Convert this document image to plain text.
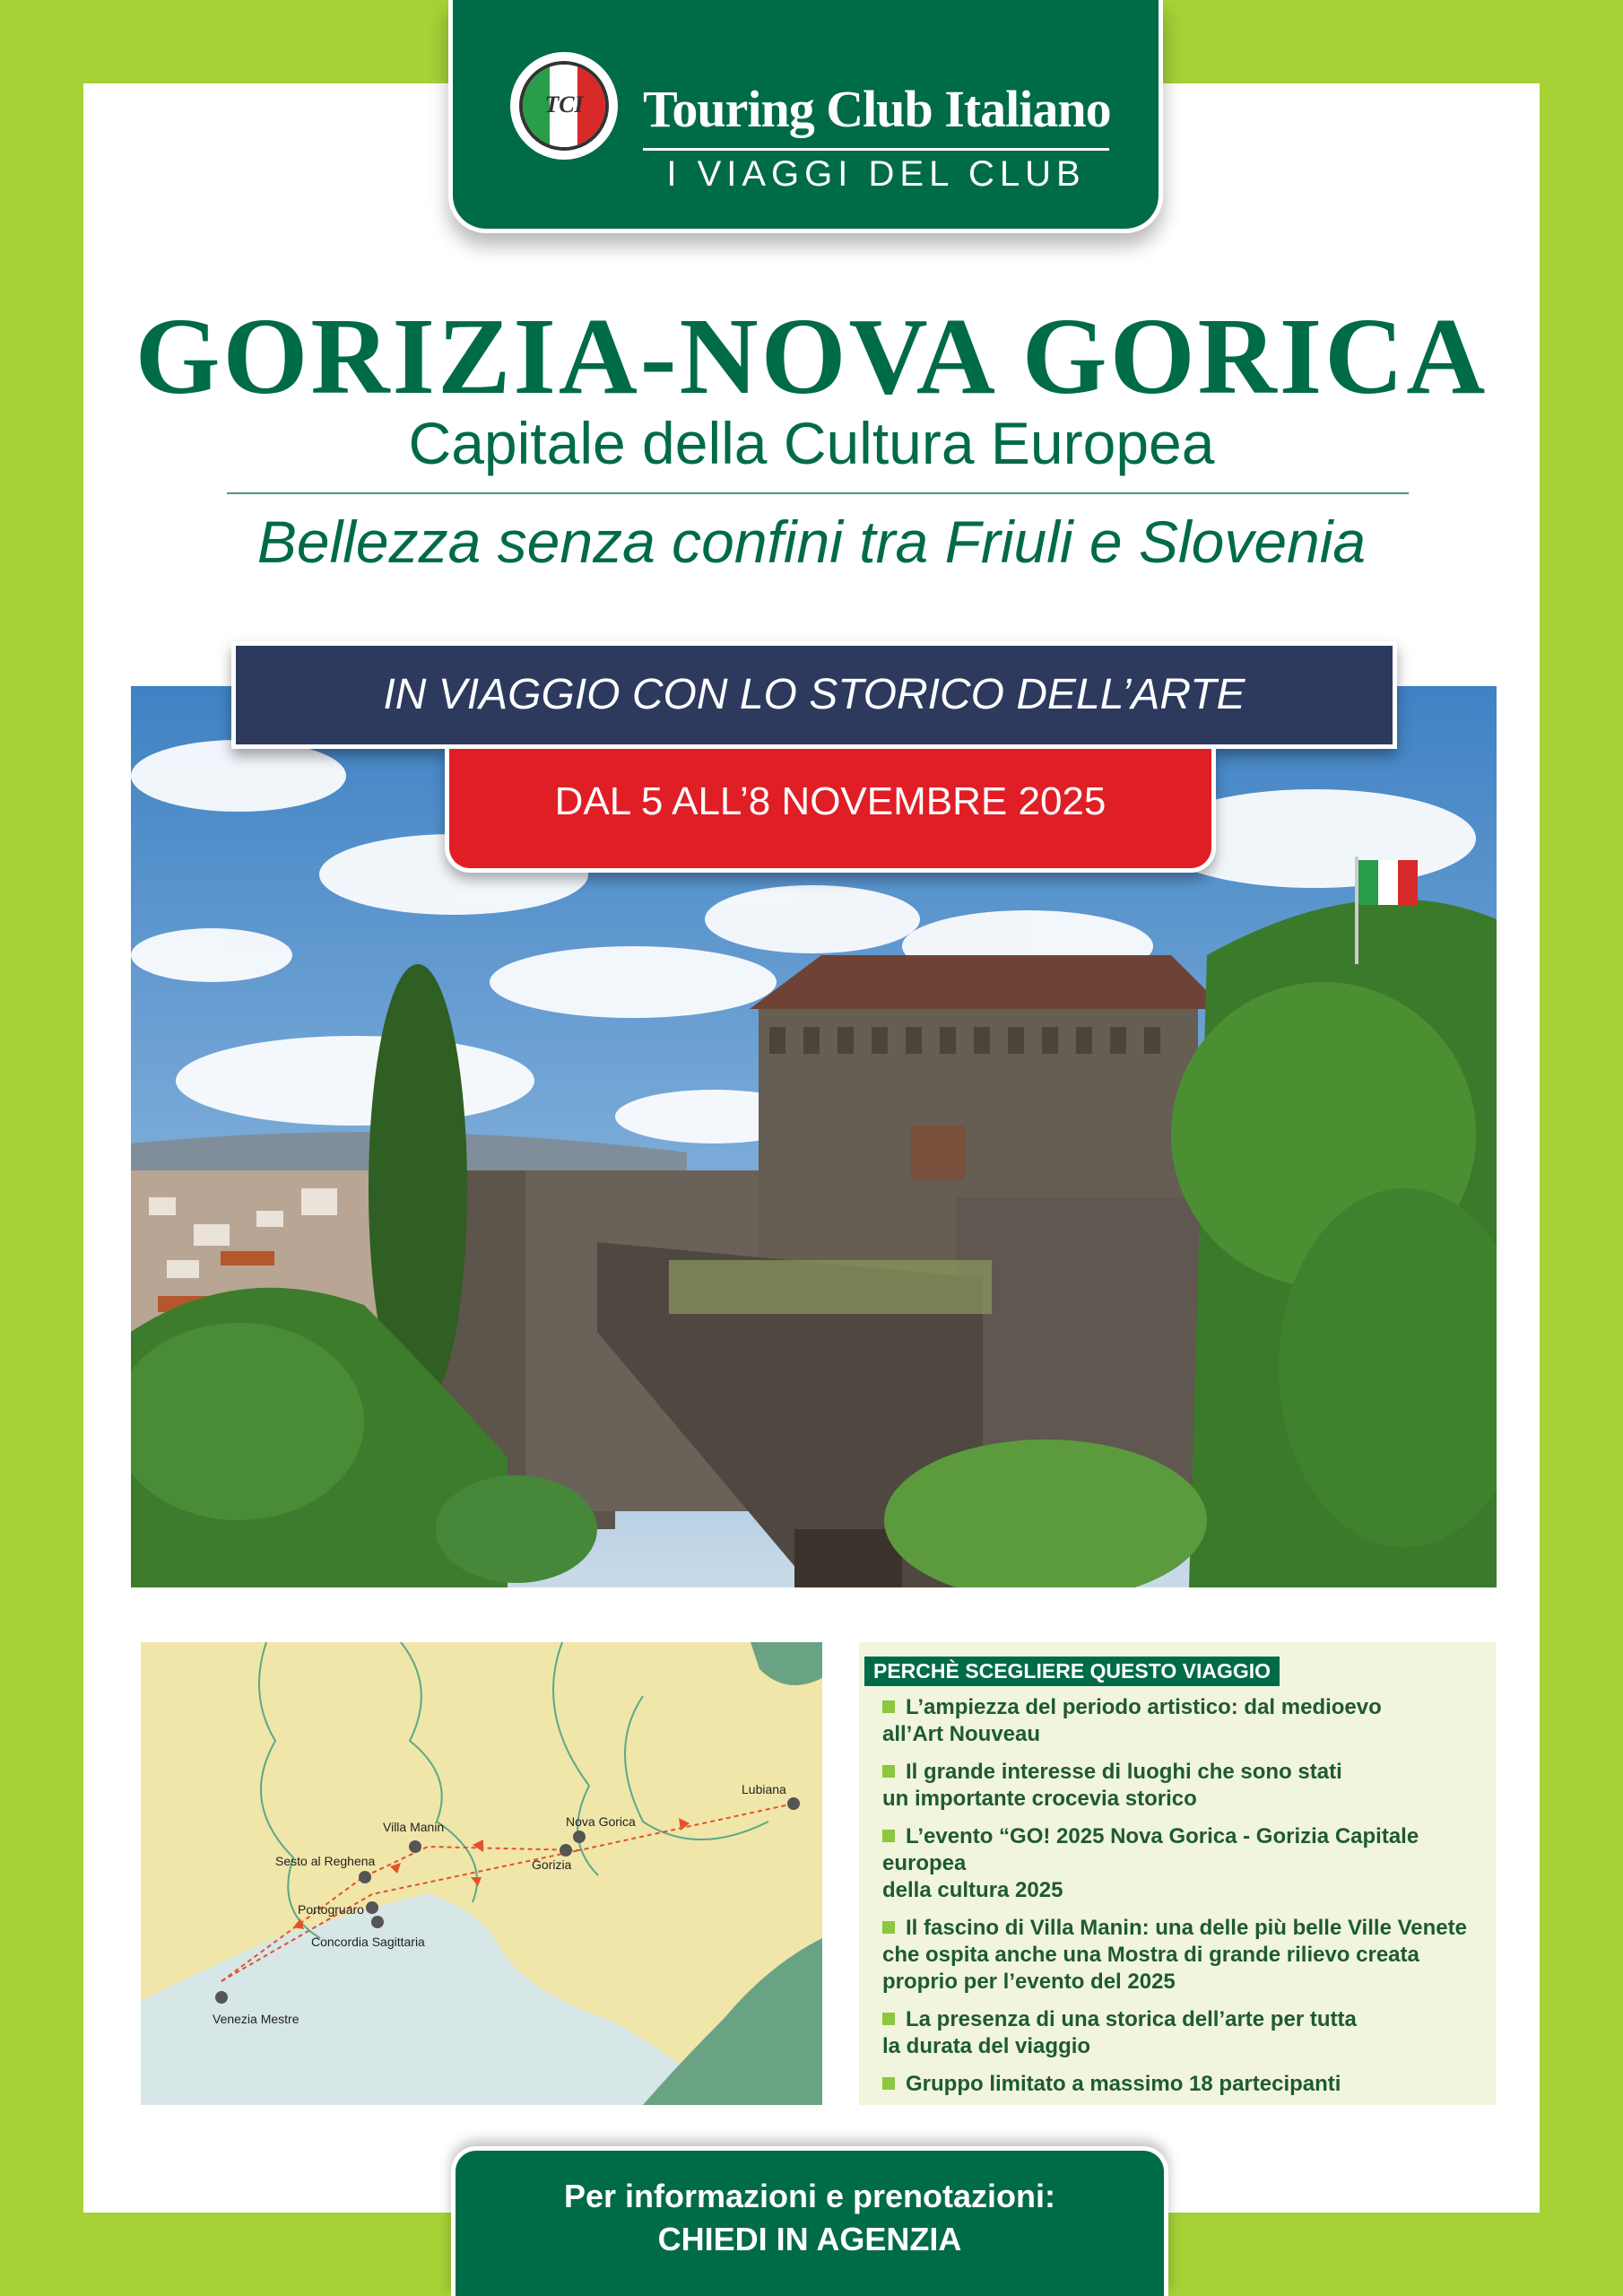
TCI	Touring Club Italiano
I VIAGGI DEL CLUB
GORIZIA-NOVA GORICA
Capitale della Cultura Europea
Bellezza senza confini tra Friuli e Slovenia
IN VIAGGIO CON LO STORICO DELL’ARTE
DAL 5 ALL’8 NOVEMBRE 2025
Lubiana
Villa Manin	Nova Gorica
Gorizia
Sesto al Reghena
Portogruaro
Concordia Sagittaria
Venezia Mestre
PERCHÈ SCEGLIERE QUESTO VIAGGIO
L’ampiezza del periodo artistico: dal medioevo
all’Art Nouveau
Il grande interesse di luoghi che sono stati
un importante crocevia storico
L’evento “GO! 2025 Nova Gorica - Gorizia Capitale europea
della cultura 2025
Il fascino di Villa Manin: una delle più belle Ville Venete
che ospita anche una Mostra di grande rilievo creata
proprio per l’evento del 2025
La presenza di una storica dell’arte per tutta
la durata del viaggio
Gruppo limitato a massimo 18 partecipanti
Per informazioni e prenotazioni:
CHIEDI IN AGENZIA
